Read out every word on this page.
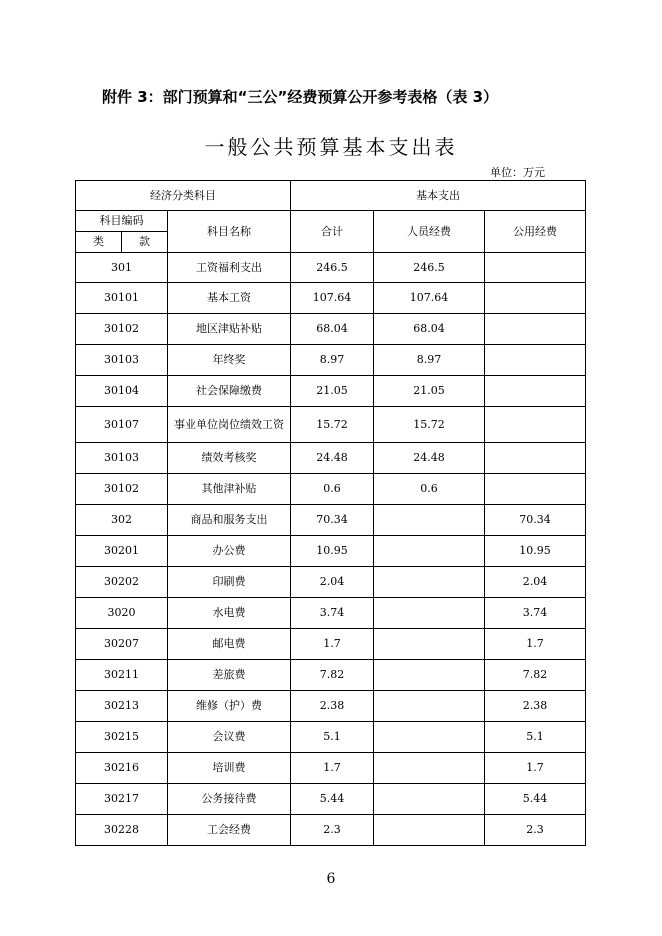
附件 3：部门预算和“三公”经费预算公开参考表格（表 3）
一般公共预算基本支出表
单位：万元
经济分类科目			基本支出		
科目编码		科目名称	合计	人员经费	公用经费
类	款				
301		工资福利支出	246.5	246.5	
30101		基本工资	107.64	107.64	
30102		地区津贴补贴	68.04	68.04	
30103		年终奖	8.97	8.97	
30104		社会保障缴费	21.05	21.05	
30107		事业单位岗位绩效工资	15.72	15.72	
30103		绩效考核奖	24.48	24.48	
30102		其他津补贴	0.6	0.6	
302		商品和服务支出	70.34		70.34
30201		办公费	10.95		10.95
30202		印刷费	2.04		2.04
3020		水电费	3.74		3.74
30207		邮电费	1.7		1.7
30211		差旅费	7.82		7.82
30213		维修（护）费	2.38		2.38
30215		会议费	5.1		5.1
30216		培训费	1.7		1.7
30217		公务接待费	5.44		5.44
30228		工会经费	2.3		2.3
6
